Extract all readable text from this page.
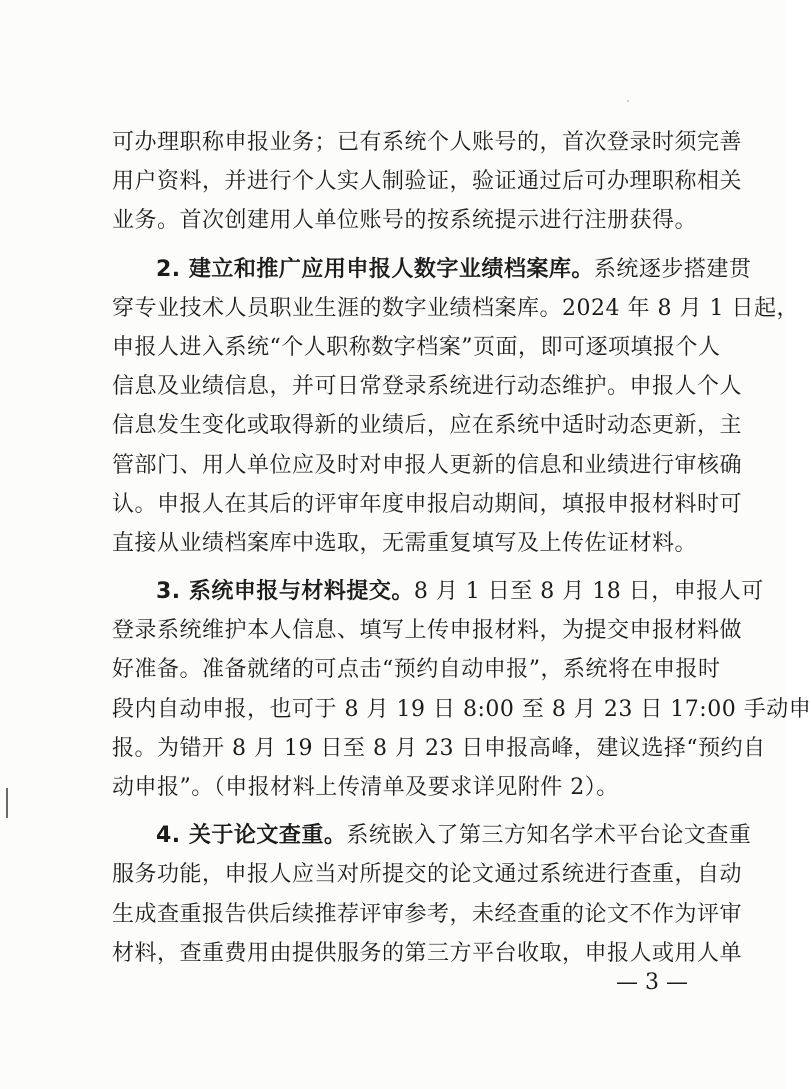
可办理职称申报业务；已有系统个人账号的，首次登录时须完善
用户资料，并进行个人实人制验证，验证通过后可办理职称相关
业务。首次创建用人单位账号的按系统提示进行注册获得。
2. 建立和推广应用申报人数字业绩档案库。系统逐步搭建贯
穿专业技术人员职业生涯的数字业绩档案库。2024 年 8 月 1 日起，
申报人进入系统“个人职称数字档案”页面，即可逐项填报个人
信息及业绩信息，并可日常登录系统进行动态维护。申报人个人
信息发生变化或取得新的业绩后，应在系统中适时动态更新，主
管部门、用人单位应及时对申报人更新的信息和业绩进行审核确
认。申报人在其后的评审年度申报启动期间，填报申报材料时可
直接从业绩档案库中选取，无需重复填写及上传佐证材料。
3. 系统申报与材料提交。8 月 1 日至 8 月 18 日，申报人可
登录系统维护本人信息、填写上传申报材料，为提交申报材料做
好准备。准备就绪的可点击“预约自动申报”，系统将在申报时
段内自动申报，也可于 8 月 19 日 8:00 至 8 月 23 日 17:00 手动申
报。为错开 8 月 19 日至 8 月 23 日申报高峰，建议选择“预约自
动申报”。（申报材料上传清单及要求详见附件 2）。
4. 关于论文查重。系统嵌入了第三方知名学术平台论文查重
服务功能，申报人应当对所提交的论文通过系统进行查重，自动
生成查重报告供后续推荐评审参考，未经查重的论文不作为评审
材料，查重费用由提供服务的第三方平台收取，申报人或用人单
— 3 —
